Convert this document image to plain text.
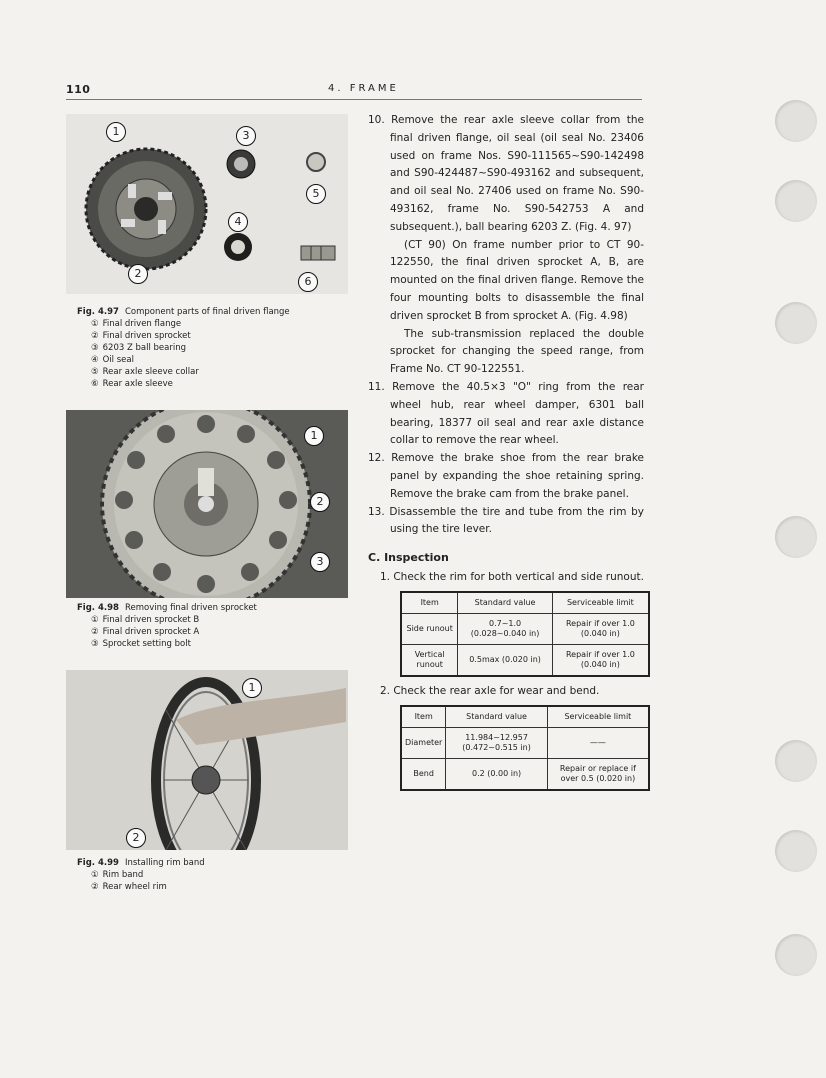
110	4. FRAME
1	3
5
4
2
6
Fig. 4.97 Component parts of final driven flange
① Final driven flange
② Final driven sprocket
③ 6203 Z ball bearing
④ Oil seal
⑤ Rear axle sleeve collar
⑥ Rear axle sleeve
1
2
3
Fig. 4.98 Removing final driven sprocket
① Final driven sprocket B
② Final driven sprocket A
③ Sprocket setting bolt
1
2
Fig. 4.99 Installing rim band
① Rim band
② Rear wheel rim

10. Remove the rear axle sleeve collar from the final driven flange, oil seal (oil seal No. 23406 used on frame Nos. S90-111565~S90-142498 and S90-424487~S90-493162 and subsequent, and oil seal No. 27406 used on frame No. S90-493162, frame No. S90-542753 A and subsequent.), ball bearing 6203 Z. (Fig. 4. 97)

(CT 90) On frame number prior to CT 90-122550, the final driven sprocket A, B, are mounted on the final driven flange. Remove the four mounting bolts to disassemble the final driven sprocket B from sprocket A. (Fig. 4.98)

The sub-transmission replaced the double sprocket for changing the speed range, from Frame No. CT 90-122551.

11. Remove the 40.5×3 "O" ring from the rear wheel hub, rear wheel damper, 6301 ball bearing, 18377 oil seal and rear axle distance collar to remove the rear wheel.

12. Remove the brake shoe from the rear brake panel by expanding the shoe retaining spring. Remove the brake cam from the brake panel.

13. Disassemble the tire and tube from the rim by using the tire lever.

C. Inspection

1. Check the rim for both vertical and side runout.

Item	Standard value	Serviceable limit
Side runout	0.7~1.0 (0.028~0.040 in)	Repair if over 1.0 (0.040 in)
Vertical runout	0.5max (0.020 in)	Repair if over 1.0 (0.040 in)

2. Check the rear axle for wear and bend.

Item	Standard value	Serviceable limit
Diameter	11.984~12.957 (0.472~0.515 in)	——
Bend	0.2 (0.00 in)	Repair or replace if over 0.5 (0.020 in)
